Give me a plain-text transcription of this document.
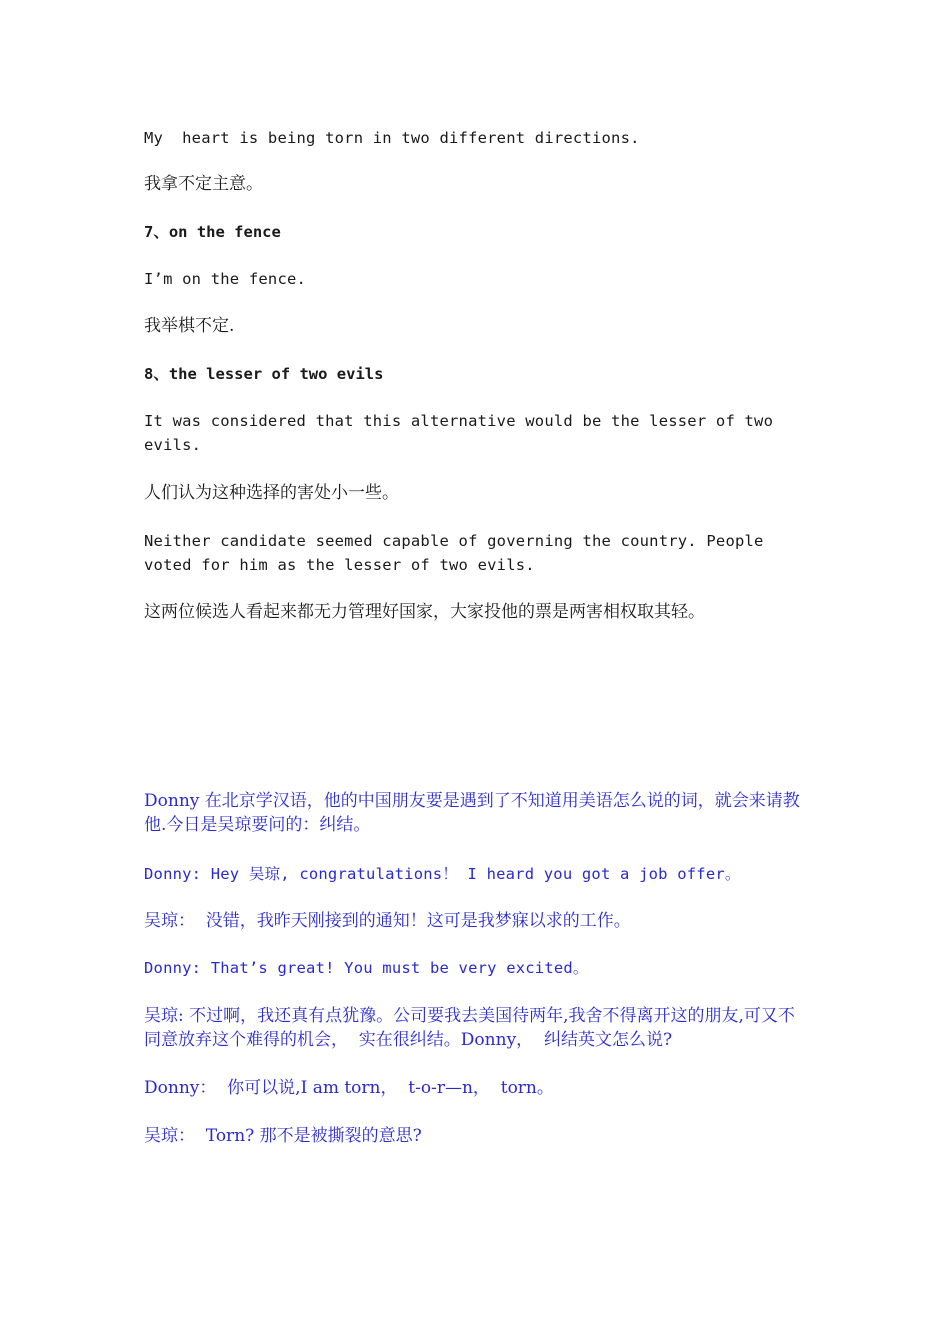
My  heart is being torn in two different directions.

我拿不定主意。

7、on the fence

I’m on the fence.

我举棋不定.

8、the lesser of two evils

It was considered that this alternative would be the lesser of two evils.

人们认为这种选择的害处小一些。

Neither candidate seemed capable of governing the country. People voted for him as the lesser of two evils.

这两位候选人看起来都无力管理好国家，大家投他的票是两害相权取其轻。

Donny 在北京学汉语，他的中国朋友要是遇到了不知道用美语怎么说的词，就会来请教他.今日是吴琼要问的：纠结。

Donny: Hey 吴琼, congratulations！ I heard you got a job offer。

吴琼：  没错，我昨天刚接到的通知！这可是我梦寐以求的工作。

Donny: That’s great! You must be very excited。

吴琼: 不过啊，我还真有点犹豫。公司要我去美国待两年,我舍不得离开这的朋友,可又不同意放弃这个难得的机会，  实在很纠结。Donny，  纠结英文怎么说?

Donny：  你可以说,I am torn，  t-o-r—n，  torn。

吴琼：  Torn? 那不是被撕裂的意思?
